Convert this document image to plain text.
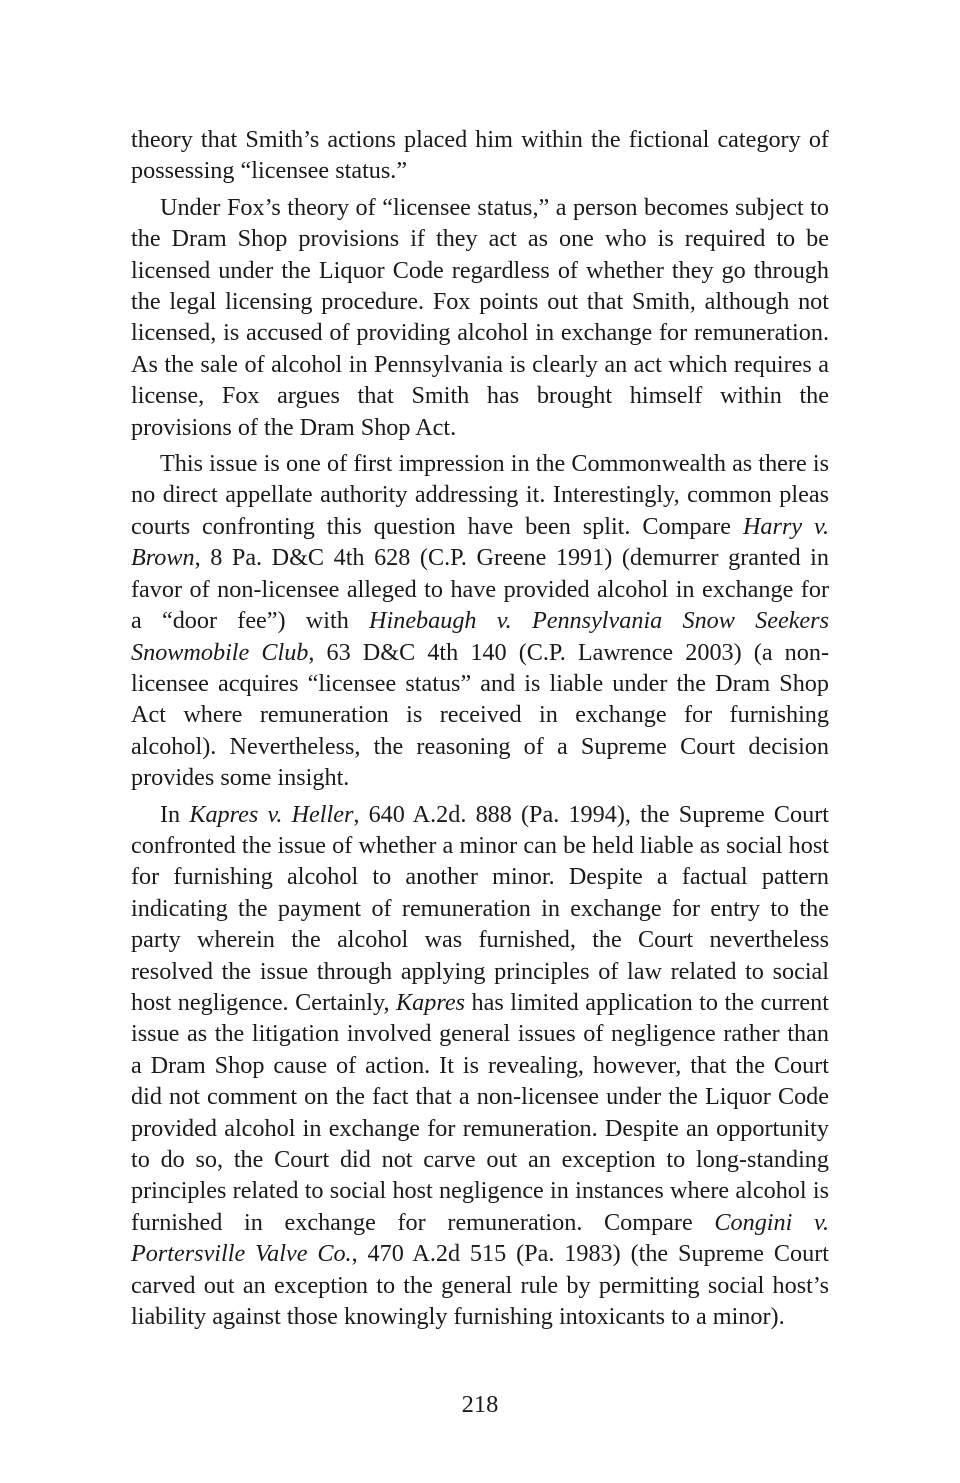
theory that Smith’s actions placed him within the fictional category of possessing “licensee status.”

Under Fox’s theory of “licensee status,” a person becomes subject to the Dram Shop provisions if they act as one who is required to be licensed under the Liquor Code regardless of whether they go through the legal licensing procedure. Fox points out that Smith, although not licensed, is accused of providing alcohol in exchange for remuneration. As the sale of alcohol in Pennsylvania is clearly an act which requires a license, Fox argues that Smith has brought himself within the provisions of the Dram Shop Act.

This issue is one of first impression in the Commonwealth as there is no direct appellate authority addressing it. Interestingly, common pleas courts confronting this question have been split. Compare Harry v. Brown, 8 Pa. D&C 4th 628 (C.P. Greene 1991) (demurrer granted in favor of non-licensee alleged to have provided alcohol in exchange for a “door fee”) with Hinebaugh v. Pennsylvania Snow Seekers Snowmobile Club, 63 D&C 4th 140 (C.P. Lawrence 2003) (a non-licensee acquires “licensee status” and is liable under the Dram Shop Act where remuneration is received in exchange for furnishing alcohol). Nevertheless, the reasoning of a Supreme Court decision provides some insight.

In Kapres v. Heller, 640 A.2d. 888 (Pa. 1994), the Supreme Court confronted the issue of whether a minor can be held liable as social host for furnishing alcohol to another minor. Despite a factual pattern indicating the payment of remuneration in exchange for entry to the party wherein the alcohol was furnished, the Court nevertheless resolved the issue through applying principles of law related to social host negligence. Certainly, Kapres has limited application to the current issue as the litigation involved general issues of negligence rather than a Dram Shop cause of action. It is revealing, however, that the Court did not comment on the fact that a non-licensee under the Liquor Code provided alcohol in exchange for remuneration. Despite an opportunity to do so, the Court did not carve out an exception to long-standing principles related to social host negligence in instances where alcohol is furnished in exchange for remuneration. Compare Congini v. Portersville Valve Co., 470 A.2d 515 (Pa. 1983) (the Supreme Court carved out an exception to the general rule by permitting social host’s liability against those knowingly furnishing intoxicants to a minor).

218
